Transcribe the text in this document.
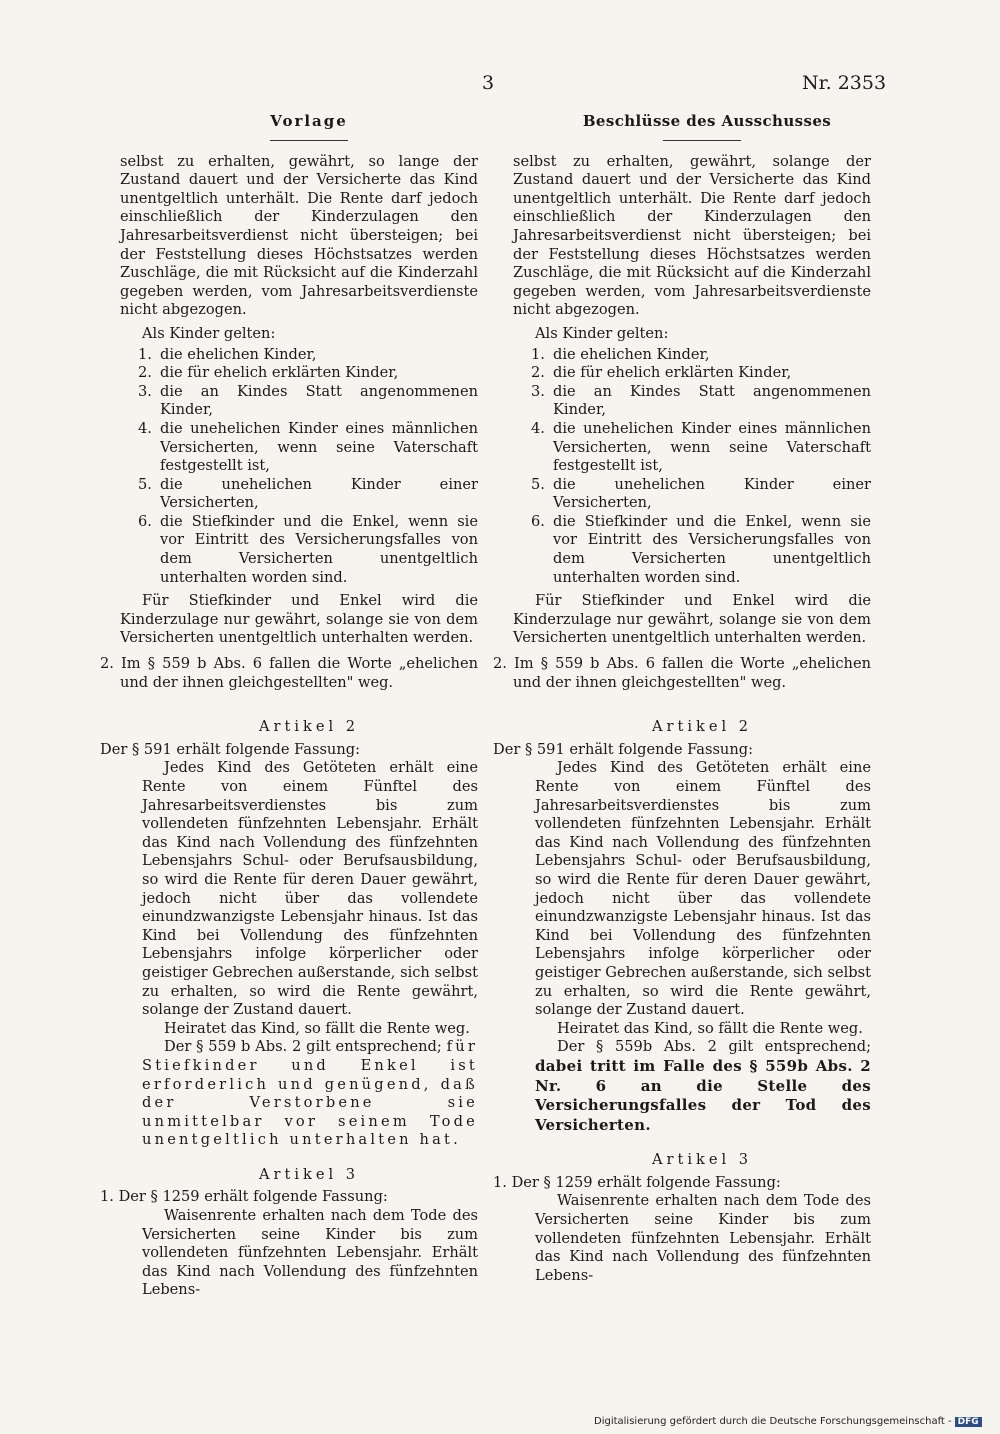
3	Nr. 2353
Vorlage

selbst zu erhalten, gewährt, so lange der Zustand dauert und der Versicherte das Kind unentgeltlich unterhält. Die Rente darf jedoch einschließlich der Kinderzulagen den Jahresarbeitsverdienst nicht übersteigen; bei der Feststellung dieses Höchstsatzes werden Zuschläge, die mit Rücksicht auf die Kinderzahl gegeben werden, vom Jahresarbeitsverdienste nicht abgezogen.

Als Kinder gelten:

1. die ehelichen Kinder,
2. die für ehelich erklärten Kinder,
3. die an Kindes Statt angenommenen Kinder,
4. die unehelichen Kinder eines männlichen Versicherten, wenn seine Vaterschaft festgestellt ist,
5. die unehelichen Kinder einer Versicherten,
6. die Stiefkinder und die Enkel, wenn sie vor Eintritt des Versicherungsfalles von dem Versicherten unentgeltlich unterhalten worden sind.

Für Stiefkinder und Enkel wird die Kinderzulage nur gewährt, solange sie von dem Versicherten unentgeltlich unterhalten werden.

2. Im § 559 b Abs. 6 fallen die Worte „ehelichen und der ihnen gleichgestellten" weg.

Artikel 2

Der § 591 erhält folgende Fassung:

Jedes Kind des Getöteten erhält eine Rente von einem Fünftel des Jahresarbeitsverdienstes bis zum vollendeten fünfzehnten Lebensjahr. Erhält das Kind nach Vollendung des fünfzehnten Lebensjahrs Schul- oder Berufsausbildung, so wird die Rente für deren Dauer gewährt, jedoch nicht über das vollendete einundzwanzigste Lebensjahr hinaus. Ist das Kind bei Vollendung des fünfzehnten Lebensjahrs infolge körperlicher oder geistiger Gebrechen außerstande, sich selbst zu erhalten, so wird die Rente gewährt, solange der Zustand dauert.

Heiratet das Kind, so fällt die Rente weg.

Der § 559 b Abs. 2 gilt entsprechend; für Stiefkinder und Enkel ist erforderlich und genügend, daß der Verstorbene sie unmittelbar vor seinem Tode unentgeltlich unterhalten hat.

Artikel 3

1. Der § 1259 erhält folgende Fassung:

Waisenrente erhalten nach dem Tode des Versicherten seine Kinder bis zum vollendeten fünfzehnten Lebensjahr. Erhält das Kind nach Vollendung des fünfzehnten Lebens-

Beschlüsse des Ausschusses

selbst zu erhalten, gewährt, solange der Zustand dauert und der Versicherte das Kind unentgeltlich unterhält. Die Rente darf jedoch einschließlich der Kinderzulagen den Jahresarbeitsverdienst nicht übersteigen; bei der Feststellung dieses Höchstsatzes werden Zuschläge, die mit Rücksicht auf die Kinderzahl gegeben werden, vom Jahresarbeitsverdienste nicht abgezogen.

Als Kinder gelten:

1. die ehelichen Kinder,
2. die für ehelich erklärten Kinder,
3. die an Kindes Statt angenommenen Kinder,
4. die unehelichen Kinder eines männlichen Versicherten, wenn seine Vaterschaft festgestellt ist,
5. die unehelichen Kinder einer Versicherten,
6. die Stiefkinder und die Enkel, wenn sie vor Eintritt des Versicherungsfalles von dem Versicherten unentgeltlich unterhalten worden sind.

Für Stiefkinder und Enkel wird die Kinderzulage nur gewährt, solange sie von dem Versicherten unentgeltlich unterhalten werden.

2. Im § 559 b Abs. 6 fallen die Worte „ehelichen und der ihnen gleichgestellten" weg.

Artikel 2

Der § 591 erhält folgende Fassung:

Jedes Kind des Getöteten erhält eine Rente von einem Fünftel des Jahresarbeitsverdienstes bis zum vollendeten fünfzehnten Lebensjahr. Erhält das Kind nach Vollendung des fünfzehnten Lebensjahrs Schul- oder Berufsausbildung, so wird die Rente für deren Dauer gewährt, jedoch nicht über das vollendete einundzwanzigste Lebensjahr hinaus. Ist das Kind bei Vollendung des fünfzehnten Lebensjahrs infolge körperlicher oder geistiger Gebrechen außerstande, sich selbst zu erhalten, so wird die Rente gewährt, solange der Zustand dauert.

Heiratet das Kind, so fällt die Rente weg.

Der § 559b Abs. 2 gilt entsprechend; dabei tritt im Falle des § 559b Abs. 2 Nr. 6 an die Stelle des Versicherungsfalles der Tod des Versicherten.

Artikel 3

1. Der § 1259 erhält folgende Fassung:

Waisenrente erhalten nach dem Tode des Versicherten seine Kinder bis zum vollendeten fünfzehnten Lebensjahr. Erhält das Kind nach Vollendung des fünfzehnten Lebens-

Digitalisierung gefördert durch die Deutsche Forschungsgemeinschaft - DFG
